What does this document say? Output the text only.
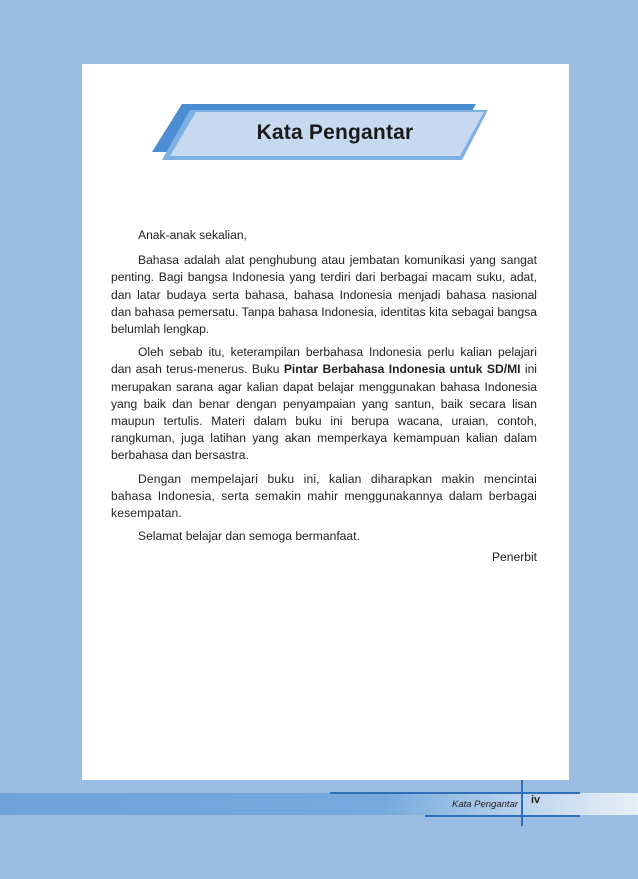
Kata Pengantar

Anak-anak sekalian,

Bahasa adalah alat penghubung atau jembatan komunikasi yang sangat penting. Bagi bangsa Indonesia yang terdiri dari berbagai macam suku, adat, dan latar budaya serta bahasa, bahasa Indonesia menjadi bahasa nasional dan bahasa pemersatu. Tanpa bahasa Indonesia, identitas kita sebagai bangsa belumlah lengkap.

Oleh sebab itu, keterampilan berbahasa Indonesia perlu kalian pelajari dan asah terus-menerus. Buku Pintar Berbahasa Indonesia untuk SD/MI ini merupakan sarana agar kalian dapat belajar menggunakan bahasa Indonesia yang baik dan benar dengan penyampaian yang santun, baik secara lisan maupun tertulis. Materi dalam buku ini berupa wacana, uraian, contoh, rangkuman, juga latihan yang akan memperkaya kemampuan kalian dalam berbahasa dan bersastra.

Dengan mempelajari buku ini, kalian diharapkan makin mencintai bahasa Indonesia, serta semakin mahir menggunakannya dalam berbagai kesempatan.

Selamat belajar dan semoga bermanfaat.

Penerbit
Kata Pengantar iv
